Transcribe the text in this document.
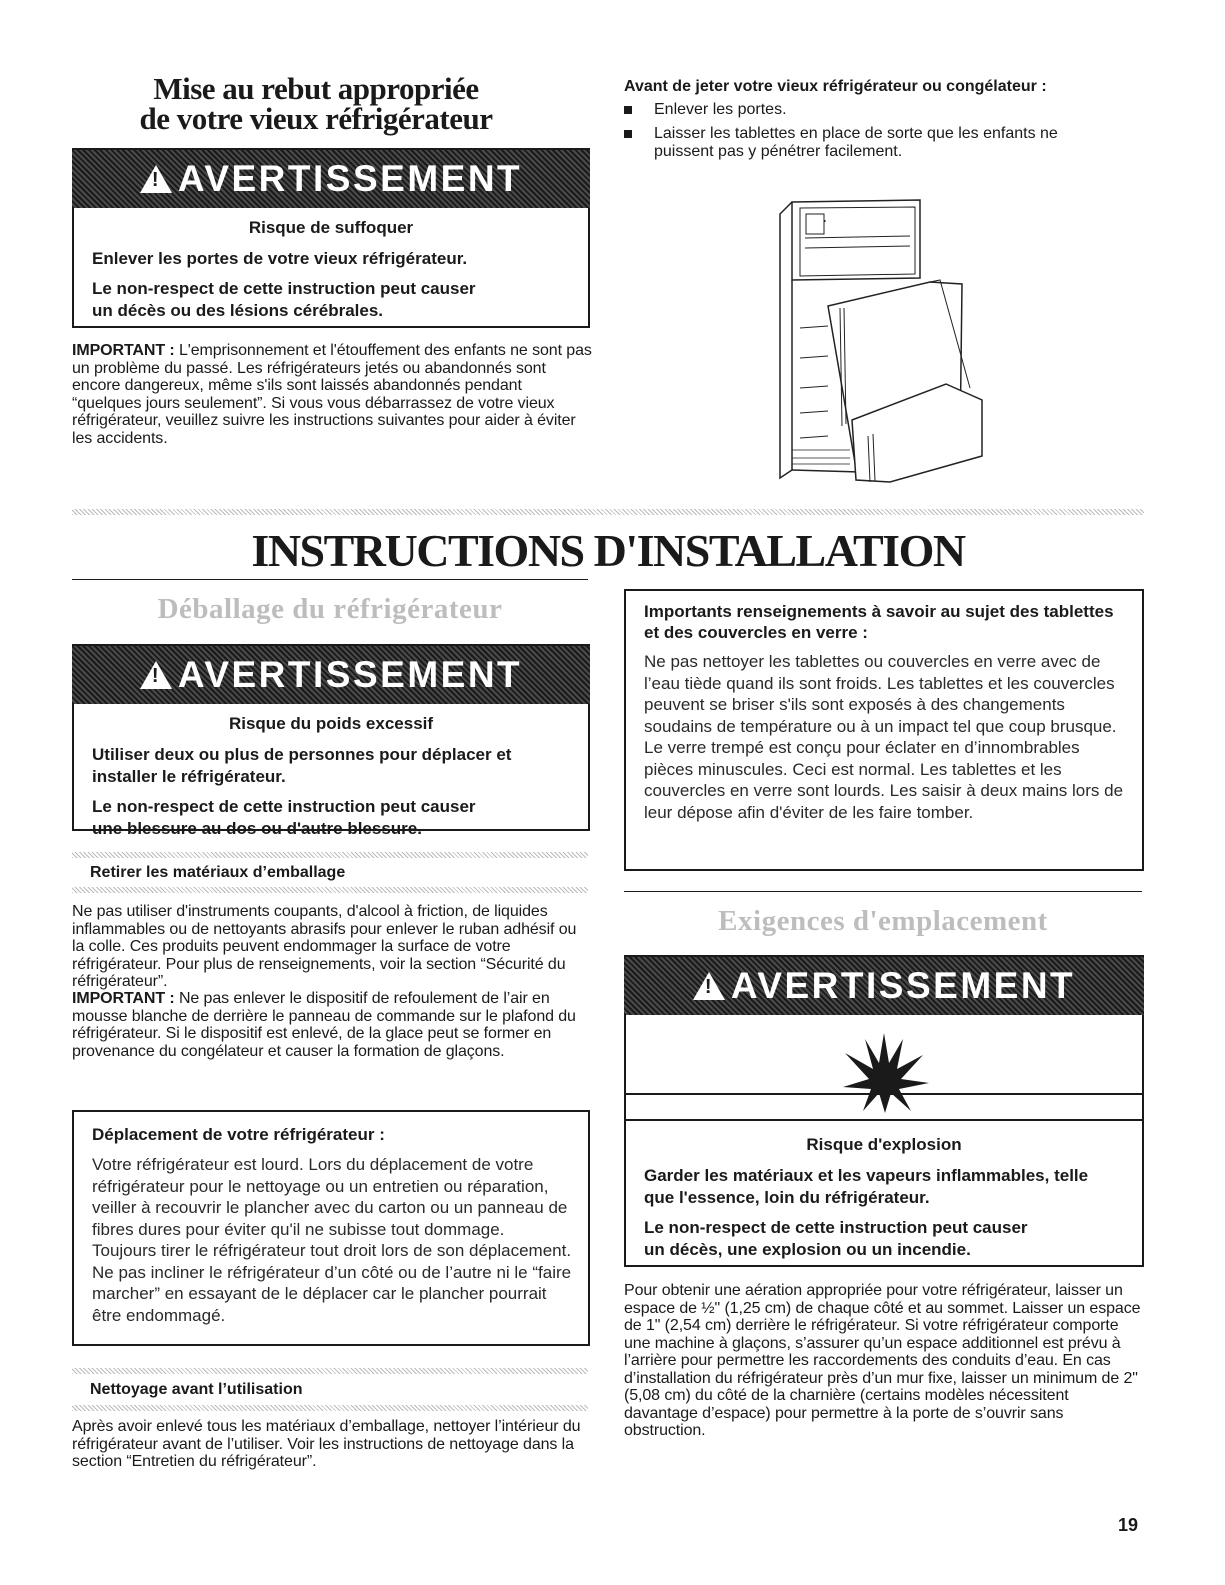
Mise au rebut appropriée
de votre vieux réfrigérateur
!AVERTISSEMENT

Risque de suffoquer

Enlever les portes de votre vieux réfrigérateur.

Le non-respect de cette instruction peut causer
un décès ou des lésions cérébrales.

IMPORTANT : L'emprisonnement et l'étouffement des enfants ne sont pas un problème du passé. Les réfrigérateurs jetés ou abandonnés sont encore dangereux, même s'ils sont laissés abandonnés pendant “quelques jours seulement”. Si vous vous débarrassez de votre vieux réfrigérateur, veuillez suivre les instructions suivantes pour aider à éviter les accidents.

Avant de jeter votre vieux réfrigérateur ou congélateur :

Enlever les portes.
Laisser les tablettes en place de sorte que les enfants ne puissent pas y pénétrer facilement.
INSTRUCTIONS D'INSTALLATION
Déballage du réfrigérateur
!AVERTISSEMENT

Risque du poids excessif

Utiliser deux ou plus de personnes pour déplacer et
installer le réfrigérateur.

Le non-respect de cette instruction peut causer
une blessure au dos ou d'autre blessure.

Retirer les matériaux d’emballage

Ne pas utiliser d'instruments coupants, d'alcool à friction, de liquides inflammables ou de nettoyants abrasifs pour enlever le ruban adhésif ou la colle. Ces produits peuvent endommager la surface de votre réfrigérateur. Pour plus de renseignements, voir la section “Sécurité du réfrigérateur”.

IMPORTANT : Ne pas enlever le dispositif de refoulement de l’air en mousse blanche de derrière le panneau de commande sur le plafond du réfrigérateur. Si le dispositif est enlevé, de la glace peut se former en provenance du congélateur et causer la formation de glaçons.

Déplacement de votre réfrigérateur :

Votre réfrigérateur est lourd. Lors du déplacement de votre réfrigérateur pour le nettoyage ou un entretien ou réparation, veiller à recouvrir le plancher avec du carton ou un panneau de fibres dures pour éviter qu'il ne subisse tout dommage. Toujours tirer le réfrigérateur tout droit lors de son déplacement. Ne pas incliner le réfrigérateur d’un côté ou de l’autre ni le “faire marcher” en essayant de le déplacer car le plancher pourrait être endommagé.

Nettoyage avant l’utilisation

Après avoir enlevé tous les matériaux d’emballage, nettoyer l’intérieur du réfrigérateur avant de l’utiliser. Voir les instructions de nettoyage dans la section “Entretien du réfrigérateur”.

Importants renseignements à savoir au sujet des tablettes
et des couvercles en verre :

Ne pas nettoyer les tablettes ou couvercles en verre avec de l’eau tiède quand ils sont froids. Les tablettes et les couvercles peuvent se briser s'ils sont exposés à des changements soudains de température ou à un impact tel que coup brusque. Le verre trempé est conçu pour éclater en d’innombrables pièces minuscules. Ceci est normal. Les tablettes et les couvercles en verre sont lourds. Les saisir à deux mains lors de leur dépose afin d'éviter de les faire tomber.

Exigences d'emplacement
!AVERTISSEMENT

Risque d'explosion

Garder les matériaux et les vapeurs inflammables, telle
que l'essence, loin du réfrigérateur.

Le non-respect de cette instruction peut causer
un décès, une explosion ou un incendie.

Pour obtenir une aération appropriée pour votre réfrigérateur, laisser un espace de ½" (1,25 cm) de chaque côté et au sommet. Laisser un espace de 1" (2,54 cm) derrière le réfrigérateur. Si votre réfrigérateur comporte une machine à glaçons, s’assurer qu’un espace additionnel est prévu à l’arrière pour permettre les raccordements des conduits d’eau. En cas d’installation du réfrigérateur près d’un mur fixe, laisser un minimum de 2" (5,08 cm) du côté de la charnière (certains modèles nécessitent davantage d’espace) pour permettre à la porte de s’ouvrir sans obstruction.

19
